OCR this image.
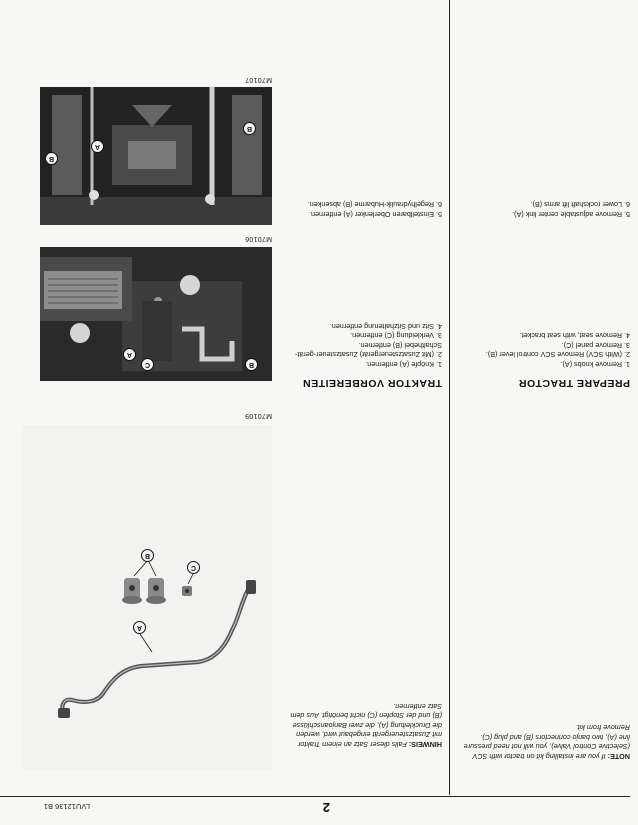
LVU12136 B1	2
NOTE: If you are installing kit on tractor with SCV (Selective Control Valve), you will not need pressure line (A), two banjo connectors (B) and plug (C). Remove from kit.
PREPARE TRACTOR
1. Remove knobs (A).
2. (With SCV) Remove SCV control lever (B).
3. Remove panel (C).
4. Remove seat, with seat bracket.
5. Remove adjustable center link (A).
6. Lower rockshaft lift arms (B).
HINWEIS: Falls dieser Satz an einem Traktor mit Zusatzsteuergerät eingebaut wird, werden die Druckleitung (A), die zwei Banjoanschlüsse (B) und der Stopfen (C) nicht benötigt. Aus dem Satz entfernen.
TRAKTOR VORBEREITEN
1. Knöpfe (A) entfernen.
2. (Mit Zusatzsteuergerät) Zusatzsteuer-gerät-Schalthebel (B) entfernen.
3. Verkleidung (C) entfernen.
4. Sitz und Sitzhalterung entfernen.
5. Einstellbaren Oberlenker (A) entfernen.
6. Regelhydraulik-Hubarme (B) absenken.
A
B
C
M70109
A
B
C
M70106
A
B
B
M70107
